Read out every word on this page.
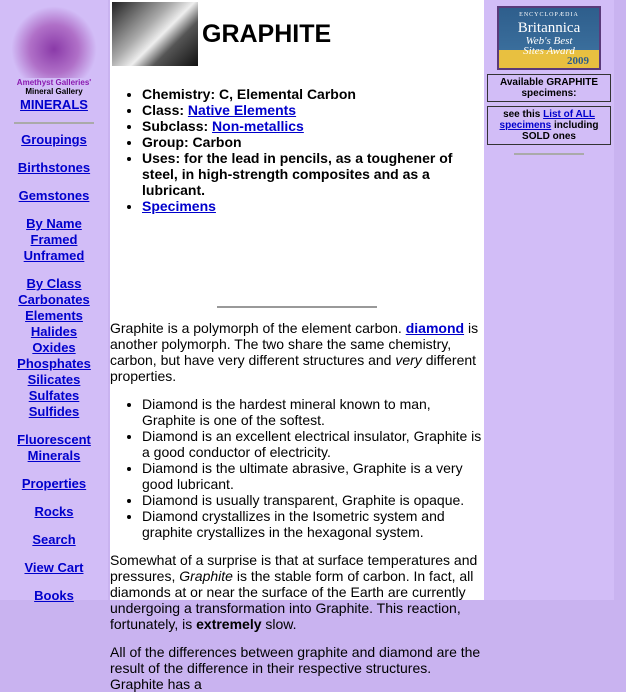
Amethyst Galleries'
Mineral Gallery
MINERALS
Groupings
Birthstones
Gemstones
By Name
Framed
Unframed
By Class
Carbonates
Elements
Halides
Oxides
Phosphates
Silicates
Sulfates
Sulfides
Fluorescent
Minerals
Properties
Rocks
Search
View Cart
Books
GRAPHITE
• Chemistry: C, Elemental Carbon
• Class: Native Elements
• Subclass: Non-metallics
• Group: Carbon
• Uses: for the lead in pencils, as a toughener of steel, in high-strength composites and as a lubricant.
• Specimens

Graphite is a polymorph of the element carbon. diamond is another polymorph. The two share the same chemistry, carbon, but have very different structures and very different properties.

• Diamond is the hardest mineral known to man, Graphite is one of the softest.
• Diamond is an excellent electrical insulator, Graphite is a good conductor of electricity.
• Diamond is the ultimate abrasive, Graphite is a very good lubricant.
• Diamond is usually transparent, Graphite is opaque.
• Diamond crystallizes in the Isometric system and graphite crystallizes in the hexagonal system.

Somewhat of a surprise is that at surface temperatures and pressures, Graphite is the stable form of carbon. In fact, all diamonds at or near the surface of the Earth are currently undergoing a transformation into Graphite. This reaction, fortunately, is extremely slow.

All of the differences between graphite and diamond are the result of the difference in their respective structures. Graphite has a

ENCYCLOPÆDIA
Britannica
Web's Best
Sites Award
2009
Available GRAPHITE specimens:
see this List of ALL specimens including SOLD ones
